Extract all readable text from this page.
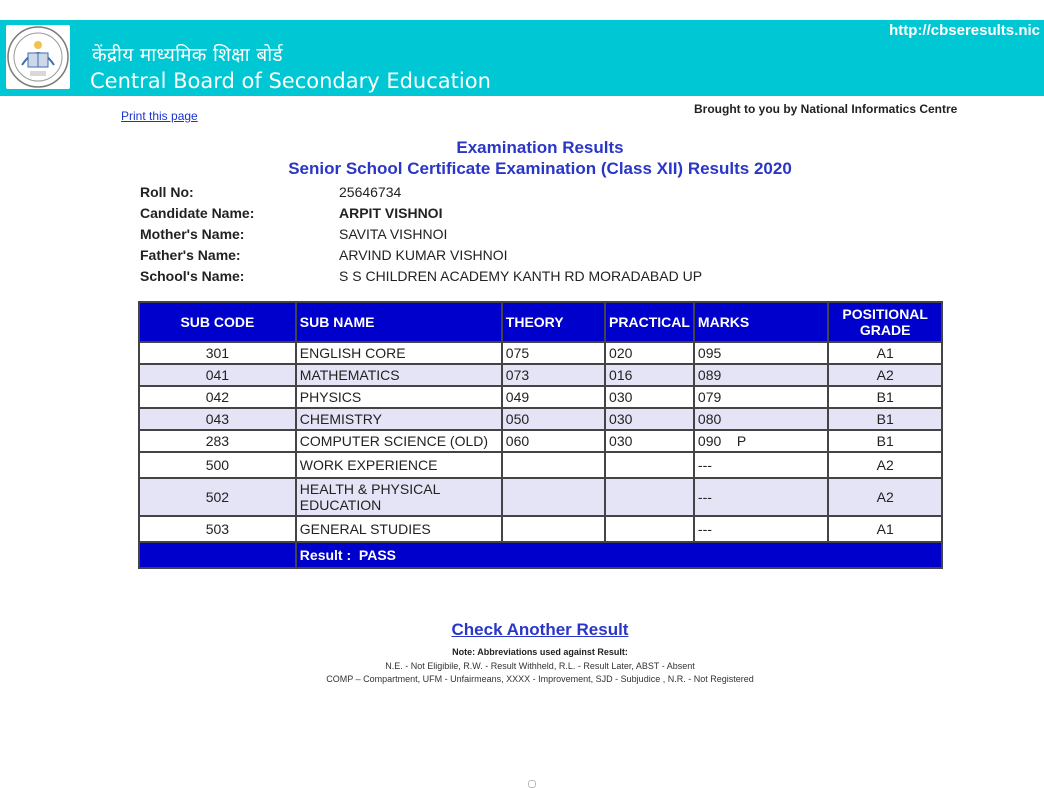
केंद्रीय माध्यमिक शिक्षा बोर्ड
Central Board of Secondary Education
http://cbseresults.nic
Print this page	Brought to you by National Informatics Centre
Examination Results
Senior School Certificate Examination (Class XII) Results 2020
Roll No:	25646734
Candidate Name:	ARPIT VISHNOI
Mother's Name:	SAVITA VISHNOI
Father's Name:	ARVIND KUMAR VISHNOI
School's Name:	S S CHILDREN ACADEMY KANTH RD MORADABAD UP
SUB CODE	SUB NAME	THEORY	PRACTICAL	MARKS	POSITIONAL GRADE
301	ENGLISH CORE	075	020	095	A1
041	MATHEMATICS	073	016	089	A2
042	PHYSICS	049	030	079	B1
043	CHEMISTRY	050	030	080	B1
283	COMPUTER SCIENCE (OLD)	060	030	090    P	B1
500	WORK EXPERIENCE			---	A2
502	HEALTH & PHYSICAL EDUCATION			---	A2
503	GENERAL STUDIES			---	A1
	Result :  PASS				
Check Another Result
Note: Abbreviations used against Result:
N.E. - Not Eligibile, R.W. - Result Withheld, R.L. - Result Later, ABST - Absent
COMP – Compartment, UFM - Unfairmeans, XXXX - Improvement, SJD - Subjudice , N.R. - Not Registered
